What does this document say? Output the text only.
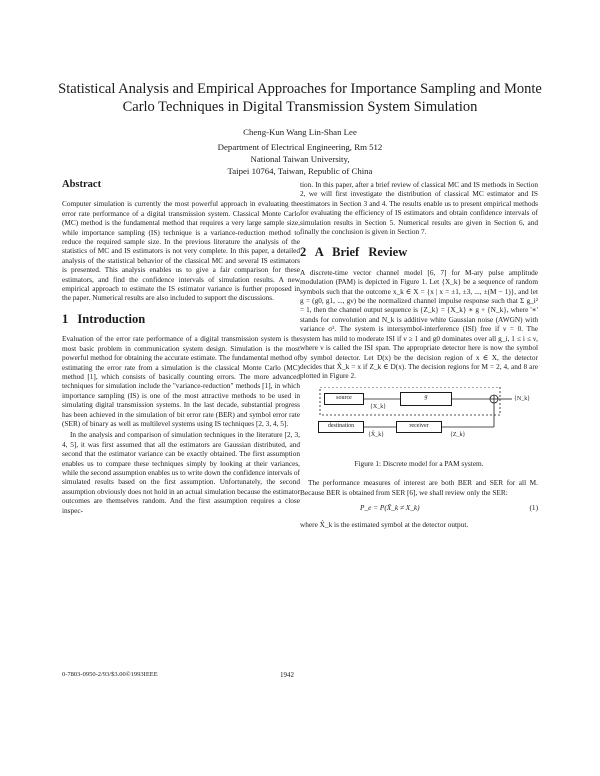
Statistical Analysis and Empirical Approaches for Importance Sampling and Monte
Carlo Techniques in Digital Transmission System Simulation
Cheng-Kun Wang Lin-Shan Lee
Department of Electrical Engineering, Rm 512
National Taiwan University,
Taipei 10764, Taiwan, Republic of China
Abstract

Computer simulation is currently the most powerful approach in evaluating the error rate performance of a digital transmission system. Classical Monte Carlo (MC) method is the fundamental method that requires a very large sample size, while importance sampling (IS) technique is a variance-reduction method to reduce the required sample size. In the previous literature the analysis of the statistics of MC and IS estimators is not very complete. In this paper, a detailed analysis of the statistical behavior of the classical MC and several IS estimators is presented. This analysis enables us to give a fair comparison for these estimators, and find the confidence intervals of simulation results. A new empirical approach to estimate the IS estimator variance is further proposed in the paper. Numerical results are also included to support the discussions.

1 Introduction

Evaluation of the error rate performance of a digital transmission system is the most basic problem in communication system design. Simulation is the most powerful method for obtaining the accurate estimate. The fundamental method of estimating the error rate from a simulation is the classical Monte Carlo (MC) method [1], which consists of basically counting errors. The more advanced techniques for simulation include the "variance-reduction" methods [1], in which importance sampling (IS) is one of the most attractive methods to be used in simulating digital transmission systems. In the last decade, substantial progress has been achieved in the simulation of bit error rate (BER) and symbol error rate (SER) of binary as well as multilevel systems using IS techniques [2, 3, 4, 5].

In the analysis and comparison of simulation techniques in the literature [2, 3, 4, 5], it was first assumed that all the estimators are Gaussian distributed, and second that the estimator variance can be exactly obtained. The first assumption enables us to compare these techniques simply by looking at their variances, while the second assumption enables us to write down the confidence intervals of simulated results based on the first assumption. Unfortunately, the second assumption obviously does not hold in an actual simulation because the estimator outcomes are themselves random. And the first assumption requires a close inspec-

tion. In this paper, after a brief review of classical MC and IS methods in Section 2, we will first investigate the distribution of classical MC estimator and IS estimators in Section 3 and 4. The results enable us to present empirical methods for evaluating the efficiency of IS estimators and obtain confidence intervals of simulation results in Section 5. Numerical results are given in Section 6, and finally the conclusion is given in Section 7.

2 A Brief Review

A discrete-time vector channel model [6, 7] for M-ary pulse amplitude modulation (PAM) is depicted in Figure 1. Let {X_k} be a sequence of random symbols such that the outcome x_k ∈ X = {x | x = ±1, ±3, ..., ±(M − 1)}, and let g = (g0, g1, ..., gν) be the normalized channel impulse response such that Σ g_i² = 1, then the channel output sequence is {Z_k} = {X_k} ∗ g + {N_k}, where '∗' stands for convolution and N_k is additive white Gaussian noise (AWGN) with variance σ². The system is intersymbol-interference (ISI) free if ν = 0. The system has mild to moderate ISI if ν ≥ 1 and g0 dominates over all g_i, 1 ≤ i ≤ ν, where ν is called the ISI span. The appropriate detector here is now the symbol by symbol detector. Let D(x) be the decision region of x ∈ X, the detector decides that X̂_k = x if Z_k ∈ D(x). The decision regions for M = 2, 4, and 8 are plotted in Figure 2.

source	g
destination	receiver
{X_k}
{N_k}
{X̂_k}	{Z_k}
Figure 1: Discrete model for a PAM system.

The performance measures of interest are both BER and SER for all M. Because BER is obtained from SER [6], we shall review only the SER:

P_e = P(X̂_k ≠ X_k)	(1)

where X̂_k is the estimated symbol at the detector output.

0-7803-0950-2/93/$3.00©1993IEEE	1942
